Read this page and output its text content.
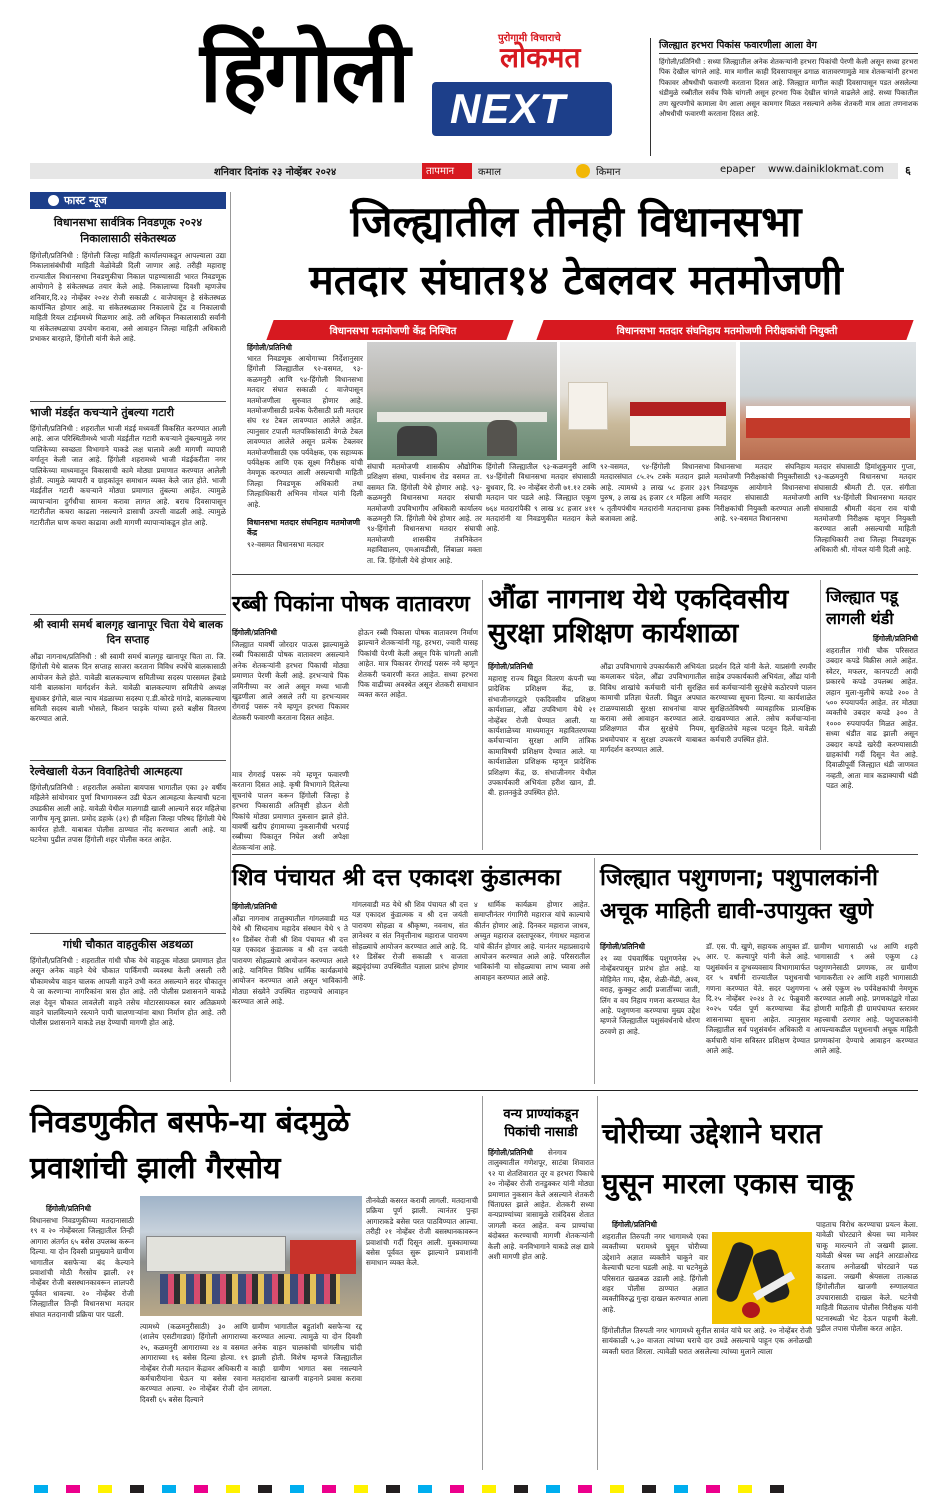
हिंगोली	पुरोगामी विचाराचे
लोकमत
NEXT
जिल्ह्यात हरभरा पिकांस फवारणीला आला वेग
हिंगोली/प्रतिनिधी : सध्या जिल्ह्यातील अनेक शेतकऱ्यांनी हरभरा पिकांची पेरणी केली असून सध्या हरभरा पिक देखील चांगले आहे. मात्र मागील काही दिवसापासून ढगाळ वातावरणामुळे मात्र शेतकऱ्यांनी हरभरा पिकावर औषधीची फवारणी करताना दिसत आहे. जिल्ह्यात मागील काही दिवसापासून पडत असलेल्या धंडीमुळे रब्बीतील सर्वच पिके चांगली असून हरभरा पिक देखील चांगले वाढलेले आहे. सध्या पिकातील तण खुरपणीचे कामाला वेग आला असून कामगार मिळत नसल्याने अनेक शेतकरी मात्र आता तणनाशक औषधीची फवारणी करताना दिसत आहे.
शनिवार दिनांक २३ नोव्हेंबर २०२४	तापमान	कमाल	किमान	epaper www.dainiklokmat.com	६
फास्ट न्यूज
विधानसभा सार्वत्रिक निवडणूक २०२४ निकालासाठी संकेतस्थळ
हिंगोली/प्रतिनिधी : हिंगोली जिल्हा माहिती कार्यालयाकडून आपल्याला उद्या निकालासंबंधीची माहिती वेळोवेळी दिली जाणार आहे. तरीही महाराष्ट्र राज्यातील विधानसभा निवडणुकीचा निकाल पाहण्यासाठी भारत निवडणूक आयोगाने हे संकेतस्थळ तयार केले आहे. निकालाच्या दिवशी म्हणजेच शनिवार,दि.२३ नोव्हेंबर २०२४ रोजी सकाळी ८ वाजेपासून हे संकेतस्थळ कार्यान्वित होणार आहे. या संकेतस्थळावर निकालाचे ट्रेंड व निकालाची माहिती रियल टाईममध्ये मिळणार आहे. तरी अधिकृत निकालासाठी सर्वांनी या संकेतस्थळाचा उपयोग करावा, असे आवाहन जिल्हा माहिती अधिकारी प्रभाकर बारहाते, हिंगोली यांनी केले आहे.
भाजी मंडईत कचऱ्याने तुंबल्या गटारी
हिंगोली/प्रतिनिधी : शहरातील भाजी मंडई मध्यवर्ती विकसित करण्यात आली आहे. आज परिस्थितीमध्ये भाजी मंडईतील गटारी कचऱ्याने तुंबल्यामुळे नगर पालिकेच्या स्वच्छता विभागाने याकडे लक्ष घालावे अशी मागणी व्यापारी वर्गातून केली जात आहे. हिंगोली शहरामध्ये भाजी मंडईकरीता नगर पालिकेच्या माध्यमातून विकासाची कामे मोठ्या प्रमाणात करण्यात आलेली होती. त्यामुळे व्यापारी व ग्राहकांतून समाधान व्यक्त केले जात होते. भाजी मंडईतील गटारी कचऱ्याने मोठ्या प्रमाणात तुंबल्या आहेत. त्यामुळे व्यापाऱ्यांना दुर्गंधीचा सामना करावा लागत आहे. बराच दिवसापासून गटारीतील कचरा काढला नसल्याने डासाची उत्पत्ती वाढली आहे. त्यामुळे गटारीतील घाण कचरा काढावा अशी मागणी व्यापाऱ्यांकडून होत आहे.
श्री स्वामी समर्थ बालगृह खानापूर चिता येथे बालक दिन सप्ताह
औंढा नागनाथ/प्रतिनिधी : श्री स्वामी समर्थ बालगृह खानापूर चिता ता. जि. हिंगोली येथे बालक दिन सप्ताह साजरा करताना विविध स्पर्धेचे बालकासाठी आयोजन केले होते. यावेळी बालकल्याण समितीच्या सदस्य पारसमल हेंबाडे यांनी बालकांना मार्गदर्शन केले. यावेळी बालकल्याण समितीचे अध्यक्ष सुधाकर इंगोले, बाल न्याय मंडळाच्या सदस्या ए.डी.कोरडे गांगडे, बालकल्याण समिती सदस्य बाली भोसले, किशन फाड़के यांच्या हस्ते बक्षीस वितरण करण्यात आले.
रेल्वेखाली येऊन विवाहितेची आत्महत्या
हिंगोली/प्रतिनिधी : शहरातील अकोला बायपास भागातील एका ३२ वर्षीय महिलेने सांयोगवार पुर्णा विभागावरून उडी घेऊन आत्महत्या केल्याची घटना उघडकीस आली आहे. यावेळी येथील मालगाडी खाली आल्याने सदर महिलेचा जागीच मृत्यू झाला. प्रमोद डहाके (३१) ही महिला जिल्हा परिषद हिंगोली येथे कार्यरत होती. याबाबत पोलीस ठाण्यात नोंद करण्यात आली आहे. या घटनेचा पुढील तपास हिंगोली शहर पोलीस करत आहेत.
गांधी चौकात वाहतुकीस अडथळा
हिंगोली/प्रतिनिधी : शहरातील गांधी चौक येथे वाहतूक मोठ्या प्रमाणात होत असून अनेक वाहने येथे चौकात पार्किंगची व्यवस्था केली असली तरी चौकामध्येच वाहन चालक आपली वाहने उभी करत असल्याने सदर चौकातून ये जा करणाऱ्या नागरिकांना त्रास होत आहे. तरी पोलीस प्रशासनाने याकडे लक्ष देवून चौकात लावलेली वाहने तसेच मोटारसायकल स्वार अतिक्रमणे वाहने चालविल्याने रस्त्याने पायी चालणाऱ्यांना बाधा निर्माण होत आहे. तरी पोलीस प्रशासनाने याकडे लक्ष देण्याची मागणी होत आहे.
जिल्ह्यातील तीनही विधानसभा
मतदार संघात१४ टेबलवर मतमोजणी
विधानसभा मतमोजणी केंद्र निश्चित	विधानसभा मतदार संघनिहाय मतमोजणी निरीक्षकांची नियुक्ती
हिंगोली/प्रतिनिधी
भारत निवडणूक आयोगाच्या निर्देशानुसार हिंगोली जिल्ह्यातील ९२-वसमत, ९३-कळमनुरी आणि ९४-हिंगोली विधानसभा मतदार संघात सकाळी ८ वाजेपासून मतमोजणीला सुरुवात होणार आहे. मतमोजणीसाठी प्रत्येक फेरीसाठी प्रती मतदार संघ १४ टेबल लावण्यात आलेले आहेत. त्यानुसार टपाली मतपत्रिकांसाठी वेगळे टेबल लावण्यात आलेले असून प्रत्येक टेबलवर मतमोजणीसाठी एक पर्यवेक्षक, एक सहाय्यक पर्यवेक्षक आणि एक सूक्ष्म निरीक्षक यांची नेमणूक करण्यात आली असल्याची माहिती जिल्हा निवडणूक अधिकारी तथा जिल्हाधिकारी अभिनव गोयल यांनी दिली आहे.
विधानसभा मतदार संघनिहाय मतमोजणी केंद्र
९२-वसमत विधानसभा मतदार
संघाची मतमोजणी शासकीय औद्योगिक प्रशिक्षण संस्था, पार्श्वनाथ रोड वसमत ता. वसमत जि. हिंगोली येथे होणार आहे. ९३-कळमनुरी विधानसभा मतदार संघाची मतमोजणी उपविभागीय अधिकारी कार्यालय कळमनुरी जि. हिंगोली येथे होणार आहे. तर ९४-हिंगोली विधानसभा मतदार संघाची मतमोजणी शासकीय तंत्रनिकेतन महाविद्यालय, एमआयडीसी, लिंबाळा मक्ता ता. जि. हिंगोली येथे होणार आहे.
हिंगोली जिल्ह्यातील ९३-कळमनुरी आणि ९४-हिंगोली विधानसभा मतदार संघासाठी बुधवार, दि. २० नोव्हेंबर रोजी ७१.१२ टक्के मतदान पार पडले आहे. जिल्ह्यात एकूण ७६४ मतदारांपैकी ९ लाख ४८ हजार ४११ मतदारांनी या निवडणुकीत मतदान केले आहे.
९२-वसमत, ९४-हिंगोली विधानसभा मतदारसंघात ८५.२५ टक्के मतदान झाले आहे. त्यामध्ये ३ लाख ५८ हजार ३३९ पुरुष, ३ लाख ३६ हजार ८१ महिला आणि ५ तृतीयपंथीय मतदारांनी मतदानाचा हक्क बजावला आहे.
विधानसभा मतदार संघनिहाय मतमोजणी निरीक्षकांची नियुक्तीसाठी निवडणूक आयोगाने विधानसभा मतदार संघासाठी मतमोजणी निरीक्षकांची नियुक्ती करण्यात आली आहे. ९२-वसमत विधानसभा
मतदार संघासाठी हिमांशुकुमार गुप्ता, ९३-कळमनुरी विधानसभा मतदार संघासाठी श्रीमती टी. एल. संगीता आणि ९४-हिंगोली विधानसभा मतदार संघासाठी श्रीमती वंदना राव यांची मतमोजणी निरीक्षक म्हणून नियुक्ती करण्यात आली असल्याची माहिती जिल्हाधिकारी तथा जिल्हा निवडणूक अधिकारी श्री. गोयल यांनी दिली आहे.
रब्बी पिकांना पोषक वातावरण
हिंगोली/प्रतिनिधी
जिल्ह्यात यावर्षी जोरदार पाऊस झाल्यामुळे रब्बी पिकासाठी पोषक वातावरण असल्याने अनेक शेतकऱ्यांनी हरभरा पिकाची मोठ्या प्रमाणात पेरणी केली आहे. हरभऱ्याचे पिक जमिनीच्या वर आले असून मध्या भाजी खुडणीला आले असले तरी या हरभऱ्यावर रोगराई पसरू नये म्हणून हरभरा पिकावर शेतकरी फवारणी करताना दिसत आहेत.
मात्र रोगराई पसरू नये म्हणून फवारणी करताना दिसत आहे. कृषी विभागाने दिलेल्या सूचनांचे पालन करून हिंगोली जिल्हा हे हरभरा पिकासाठी अतिवृष्टी होऊन शेती पिकांचे मोठ्या प्रमाणात नुकसान झाले होते. यावर्षी खरीप हंगामाच्या नुकसानीची भरपाई रब्बीच्या पिकातून निघेल अशी अपेक्षा शेतकऱ्यांना आहे.
होऊन रब्बी पिकाला पोषक वातावरण निर्माण झाल्याने शेतकऱ्यांनी गहू, हरभरा, ज्वारी यासह पिकांची पेरणी केली असून पिके चांगली आली आहेत. मात्र पिकावर रोगराई पसरू नये म्हणून शेतकरी फवारणी करत आहेत. सध्या हरभरा पिक वाढीच्या अवस्थेत असून शेतकरी समाधान व्यक्त करत आहेत.
औंढा नागनाथ येथे एकदिवसीय
सुरक्षा प्रशिक्षण कार्यशाळा
हिंगोली/प्रतिनिधी
महाराष्ट्र राज्य विद्युत वितरण कंपनी च्या प्रादेशिक प्रशिक्षण केंद्र, छ. संभाजीनगरद्वारे एकदिवसीय प्रशिक्षण कार्यशाळा, औंढा उपविभाग येथे २१ नोव्हेंबर रोजी घेण्यात आली. या कार्यशाळेच्या माध्यमातून महावितरणच्या कर्मचाऱ्यांना सुरक्षा आणि तांत्रिक कामाविषयी प्रशिक्षण देण्यात आले. या कार्यशाळेला प्रशिक्षक म्हणून प्रादेशिक प्रशिक्षण केंद्र, छ. संभाजीनगर येथील उपकार्यकारी अभियंता हरीश खान, डी. बी. हातनकुंडे उपस्थित होते.
औंढा उपविभागाचे उपकार्यकारी अभियंता कमलाकर चंदेल, औंढा उपविभागातील विविध शाखांचे कर्मचारी यांनी सुरक्षित कामाची प्रतिज्ञा घेतली. विद्युत अपघात टाळण्यासाठी सुरक्षा साधनांचा वापर करावा असे आवाहन करण्यात आले. प्रशिक्षणात वीज सुरक्षेचे नियम, प्रथमोपचार व सुरक्षा उपकरणे याबाबत मार्गदर्शन करण्यात आले.
प्रदर्शन दिले यांनी केले. याप्रसंगी रणवीर साहेब उपकार्यकारी अभियंता, औंढा यांनी सर्व कर्मचाऱ्यांनी सुरक्षेचे कठोरपणे पालन करण्याच्या सूचना दिल्या. या कार्यशाळेत सुरक्षिततेविषयी व्यावहारिक प्रात्यक्षिक दाखवण्यात आले. तसेच कर्मचाऱ्यांना सुरक्षिततेचे महत्त्व पटवून दिले. यावेळी कर्मचारी उपस्थित होते.
जिल्ह्यात पडू लागली थंडी
हिंगोली/प्रतिनिधी
शहरातील गांधी चौक परिसरात उबदार कपडे विक्रीस आले आहेत. स्वेटर, मफलर, कानपटटी आदी प्रकारचे कपडे उपलब्ध आहेत. लहान मुला-मुलीचे कपडे २०० ते ५०० रुपयापर्यंत आहेत. तर मोठ्या व्यक्तीचे उबदार कपडे ३०० ते १००० रुपयापर्यंत मिळत आहेत. सध्या थंडीत वाढ झाली असून उबदार कपडे खरेदी करण्यासाठी ग्राहकांची गर्दी दिसून येत आहे. दिवाळीपूर्वी जिल्ह्यात थंडी जाणवत नव्हती, आता मात्र कडाक्याची थंडी पडत आहे.
शिव पंचायत श्री दत्त एकादश कुंडात्मका
हिंगोली/प्रतिनिधी
औंढा नागनाथ तालुक्यातील गांगलवाडी मठ येथे श्री सिध्दनाथ महादेव संस्थान येथे ९ ते १० डिसेंबर रोजी श्री शिव पंचायत श्री दत्त यज्ञ एकादश कुंडात्मक व श्री दत्त जयंती पारायण सोहळ्याचे आयोजन करण्यात आले आहे. यानिमित्त विविध धार्मिक कार्यक्रमांचे आयोजन करण्यात आले असून भाविकांनी मोठ्या संख्येने उपस्थित राहण्याचे आवाहन करण्यात आले आहे.
गांगलवाडी मठ येथे श्री शिव पंचायत श्री दत्त यज्ञ एकादश कुंडात्मक व श्री दत्त जयंती पारायण सोहळा व श्रीकृष्ण, नवनाथ, संत ज्ञानेश्वर व संत निवृत्तीनाथ महाराज पारायण सोहळ्याचे आयोजन करण्यात आले आहे. दि. १२ डिसेंबर रोजी सकाळी ९ वाजता ब्रह्मवृंदांच्या उपस्थितीत यज्ञाला प्रारंभ होणार आहे.
४ धार्मिक कार्यक्रम होणार आहेत. समाप्तीनंतर गंगागिरी महाराज यांचे काल्याचे कीर्तन होणार आहे. दिनकर महाराज जाधव, अच्युत महाराज दस्तापूरकर, गंगाधर महाराज यांचे कीर्तन होणार आहे. यानंतर महाप्रसादाचे आयोजन करण्यात आले आहे. परिसरातील भाविकांनी या सोहळ्याचा लाभ घ्यावा असे आवाहन करण्यात आले आहे.
जिल्ह्यात पशुगणना; पशुपालकांनी
अचूक माहिती द्यावी-उपायुक्त खुणे
हिंगोली/प्रतिनिधी
२१ व्या पंचवार्षिक पशुगणनेस २५ नोव्हेंबरपासून प्रारंभ होत आहे. या मोहिमेत गाय, म्हैस, शेळी-मेंढी, अश्व, वराह, कुक्कुट आदी प्रजातींच्या जाती, लिंग व वय निहाय गणना करण्यात येत आहे. पशुगणना करण्याचा मुख्य उद्देश म्हणजे जिल्ह्यातील पशुसंवर्धनाचे धोरण ठरवणे हा आहे.
डॉ. एस. पी. खुणे, सहायक आयुक्त डॉ. आर. ए. कल्यापुरे यांनी केले आहे. पशुसंवर्धन व दुग्धव्यवसाय विभागामार्फत दर ५ वर्षांनी राज्यातील पशुधनाची गणना करण्यात येते. सदर पशुगणना दि.२५ नोव्हेंबर २०२४ ते २८ फेब्रुवारी २०२५ पर्यंत पूर्ण करण्याच्या केंद्र शासनाच्या सूचना आहेत. त्यानुसार जिल्ह्यातील सर्व पशुसंवर्धन अधिकारी व कर्मचारी यांना सविस्तर प्रशिक्षण देण्यात आले आहे.
ग्रामीण भागासाठी ५४ आणि शहरी भागासाठी ९ असे एकूण ८३ पशुगणनेसाठी प्रगणक, तर ग्रामीण भागाकरीता २२ आणि शहरी भागासाठी ५ असे एकूण २७ पर्यवेक्षकांची नेमणूक करण्यात आली आहे. प्रगणकांद्वारे गोळा होणारी माहिती ही ग्रामपंचायत स्तरावर महत्त्वाची ठरणार आहे. पशुपालकांनी आपल्याकडील पशुधनाची अचूक माहिती प्रगणकांना देण्याचे आवाहन करण्यात आले आहे.
निवडणुकीत बसफे-या बंदमुळे
प्रवाशांची झाली गैरसोय
हिंगोली/प्रतिनिधी
विधानसभा निवडणुकीच्या मतदानासाठी १९ व २० नोव्हेंबरला जिल्ह्यातील तिन्ही आगारा अंतर्गत ६५ बसेस उपलब्ध करून दिल्या. या दोन दिवसी प्रामुख्याने ग्रामीण भागातील बसफेऱ्या बंद केल्याने प्रवाशांची मोठी गैरसोय झाली. २१ नोव्हेंबर रोजी बसस्थानकावरून लालपरी पूर्ववत धावल्या. २० नोव्हेंबर रोजी जिल्ह्यातील तिन्ही विधानसभा मतदार संघात मतदानाची प्रक्रिया पार पडली.
त्यामध्ये (कळमनुरीसाठी) ३० आणि (शालेय एसटीगाड्या) हिंगोली आगाराच्या २५, कळमनुरी आगाराच्या २४ व वसमत आगाराच्या १६ बसेस दिल्या होत्या. १९ नोव्हेंबर रोजी मतदान केंद्रावर अधिकारी व कर्मचारीयांना घेऊन या बसेस रवाना करण्यात आल्या. २० नोव्हेंबर रोजी दोन दिवसी ६५ बसेस दिल्याने
ग्रामीण भागातील बहुतांशी बसफेऱ्या रद्द करण्यात आल्या. त्यामुळे या दोन दिवशी अनेक वाहन चालकांची चांगलीच चांदी झाली होती. विशेष म्हणजे जिल्ह्यातील काही ग्रामीण भागात बस नसल्याने मतदारांना खाजगी वाहनाने प्रवास करावा लागला.
तीनवेळी कसरत करावी लागली. मतदानाची प्रक्रिया पूर्ण झाली. त्यानंतर पुन्हा आगाराकडे बसेस परत पाठविण्यात आल्या. तरीही २१ नोव्हेंबर रोजी बसस्थानकावरून प्रवाशांची गर्दी दिसून आली. मुक्कामाच्या बसेस पूर्ववत सुरू झाल्याने प्रवाशांनी समाधान व्यक्त केले.
वन्य प्राण्यांकडून
पिकांची नासाडी
हिंगोली/प्रतिनिधी	सेनगाव तालुक्यातील गणेशपूर, साटंबा शिवारात ९२ या शेतशिवारात तूर व हरभरा पिकाचे २० नोव्हेंबर रोजी रानडुक्कर यांनी मोठ्या प्रमाणात नुकसान केले असल्याने शेतकरी चिंताग्रस्त झाले आहेत. शेतकरी सध्या वन्यप्राण्यांच्या त्रासामुळे रात्रंदिवस शेतात जागली करत आहेत. वन्य प्राण्यांचा बंदोबस्त करण्याची मागणी शेतकऱ्यांनी केली आहे. वनविभागाने याकडे लक्ष द्यावे अशी मागणी होत आहे.
चोरीच्या उद्देशाने घरात
घुसून मारला एकास चाकू
हिंगोली/प्रतिनिधी
शहरातील तिरुपती नगर भागामध्ये एका व्यक्तीच्या घरामध्ये घुसून चोरीच्या उद्देशाने अज्ञात व्यक्तीने चाकूने वार केल्याची घटना घडली आहे. या घटनेमुळे परिसरात खळबळ उडाली आहे. हिंगोली शहर पोलीस ठाण्यात अज्ञात व्यक्तीविरुद्ध गुन्हा दाखल करण्यात आला आहे.
हिंगोलीतील तिरुपती नगर भागामध्ये सुनील सावंत यांचे घर आहे. २० नोव्हेंबर रोजी सायंकाळी ५.३० वाजता त्यांच्या घराचे दार उघडे असल्याचे पाहून एक अनोळखी व्यक्ती घरात शिरला. त्यावेळी घरात असलेल्या त्यांच्या मुलाने त्याला
पाहताच विरोध करण्याचा प्रयत्न केला. यावेळी चोरट्याने श्रेयस च्या मानेवर चाकू मारल्याने तो जखमी झाला. यावेळी श्रेयस च्या आईने आरडाओरड करताच अनोळखी चोरट्याने पळ काढला. जखमी श्रेयसला तात्काळ हिंगोलीतील खाजगी रुग्णालयात उपचारासाठी दाखल केले. घटनेची माहिती मिळताच पोलीस निरीक्षक यांनी घटनास्थळी भेट देऊन पाहणी केली. पुढील तपास पोलीस करत आहेत.
